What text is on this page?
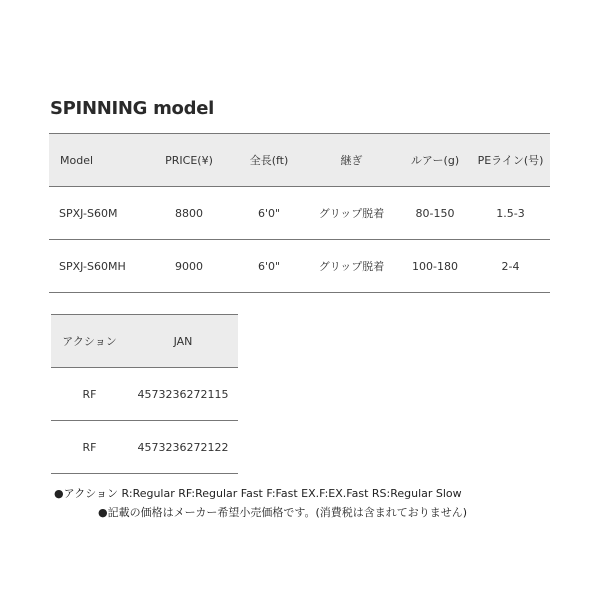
SPINNING model
Model	PRICE(¥)	全長(ft)	継ぎ	ルアー(g)	PEライン(号)
SPXJ-S60M	8800	6'0"	グリップ脱着	80-150	1.5-3
SPXJ-S60MH	9000	6'0"	グリップ脱着	100-180	2-4
アクション	JAN
RF	4573236272115
RF	4573236272122
●アクション R:Regular RF:Regular Fast F:Fast EX.F:EX.Fast RS:Regular Slow
●記載の価格はメーカー希望小売価格です。(消費税は含まれておりません)
